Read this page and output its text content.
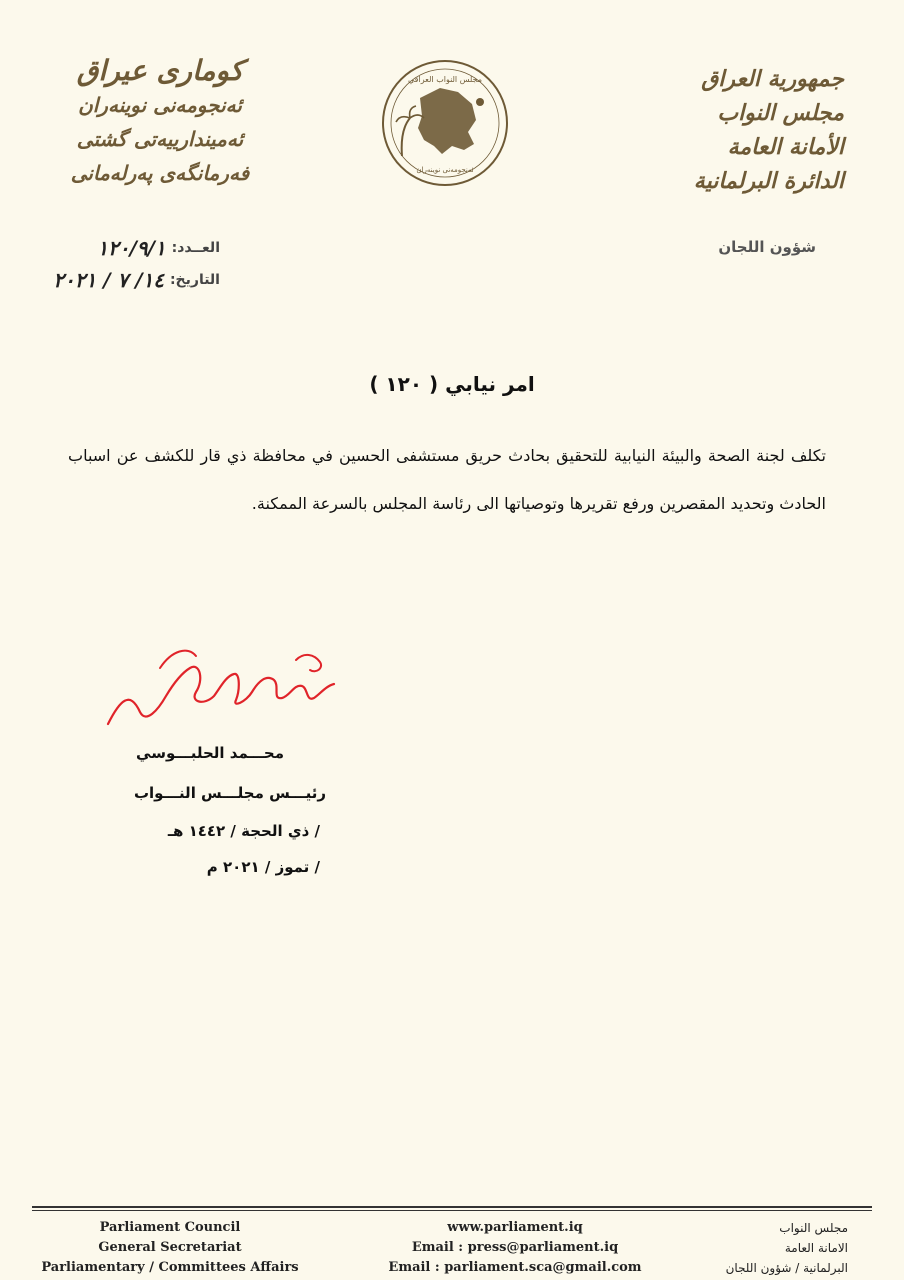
جمهورية العراق
مجلس النواب
الأمانة العامة
الدائرة البرلمانية
شؤون اللجان
مجلس النواب العراقي
ئه‌نجومه‌نی نوینه‌ران
كوماری عیراق
ئه‌نجومه‌نی نوینه‌ران
ئه‌میندارییه‌تی گشتی
فه‌رمانگه‌ی په‌رله‌مانی
العــدد:
١٢٠/٩/١
التاريخ:
١٤/ ٧ / ٢٠٢١
امر نيابي ( ١٢٠ )
تكلف لجنة الصحة والبيئة النيابية للتحقيق بحادث حريق مستشفى الحسين في محافظة ذي قار للكشف عن اسباب الحادث وتحديد المقصرين ورفع تقريرها وتوصياتها الى رئاسة المجلس بالسرعة الممكنة.
محـــمد الحلبـــوسي
رئيـــس مجلـــس النـــواب
/ ذي الحجة / ١٤٤٢ هـ
/ تموز / ٢٠٢١ م
Parliament Council
General Secretariat
Parliamentary / Committees Affairs
www.parliament.iq
Email : press@parliament.iq
Email : parliament.sca@gmail.com
مجلس النواب
الامانة العامة
البرلمانية / شؤون اللجان
